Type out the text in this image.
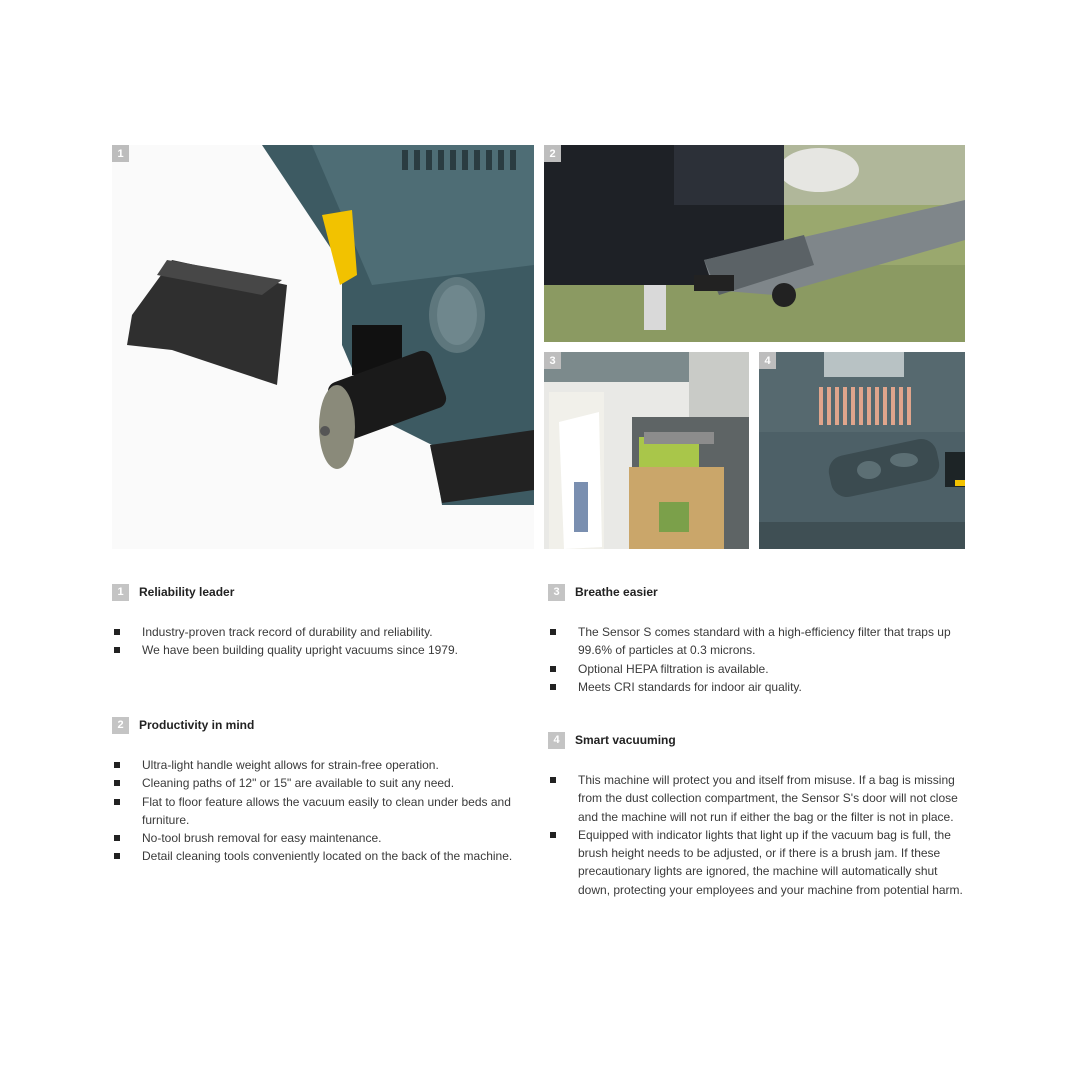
1	2
3	4
1	Reliability leader
Industry-proven track record of durability and reliability.
We have been building quality upright vacuums since 1979.
2	Productivity in mind
Ultra-light handle weight allows for strain-free operation.
Cleaning paths of 12" or 15" are available to suit any need.
Flat to floor feature allows the vacuum easily to clean under beds and furniture.
No-tool brush removal for easy maintenance.
Detail cleaning tools conveniently located on the back of the machine.
3	Breathe easier
The Sensor S comes standard with a high-efficiency filter that traps up 99.6% of particles at 0.3 microns.
Optional HEPA filtration is available.
Meets CRI standards for indoor air quality.
4	Smart vacuuming
This machine will protect you and itself from misuse. If a bag is missing from the dust collection compartment, the Sensor S's door will not close and the machine will not run if either the bag or the filter is not in place.
Equipped with indicator lights that light up if the vacuum bag is full, the brush height needs to be adjusted, or if there is a brush jam. If these precautionary lights are ignored, the machine will automatically shut down, protecting your employees and your machine from potential harm.
